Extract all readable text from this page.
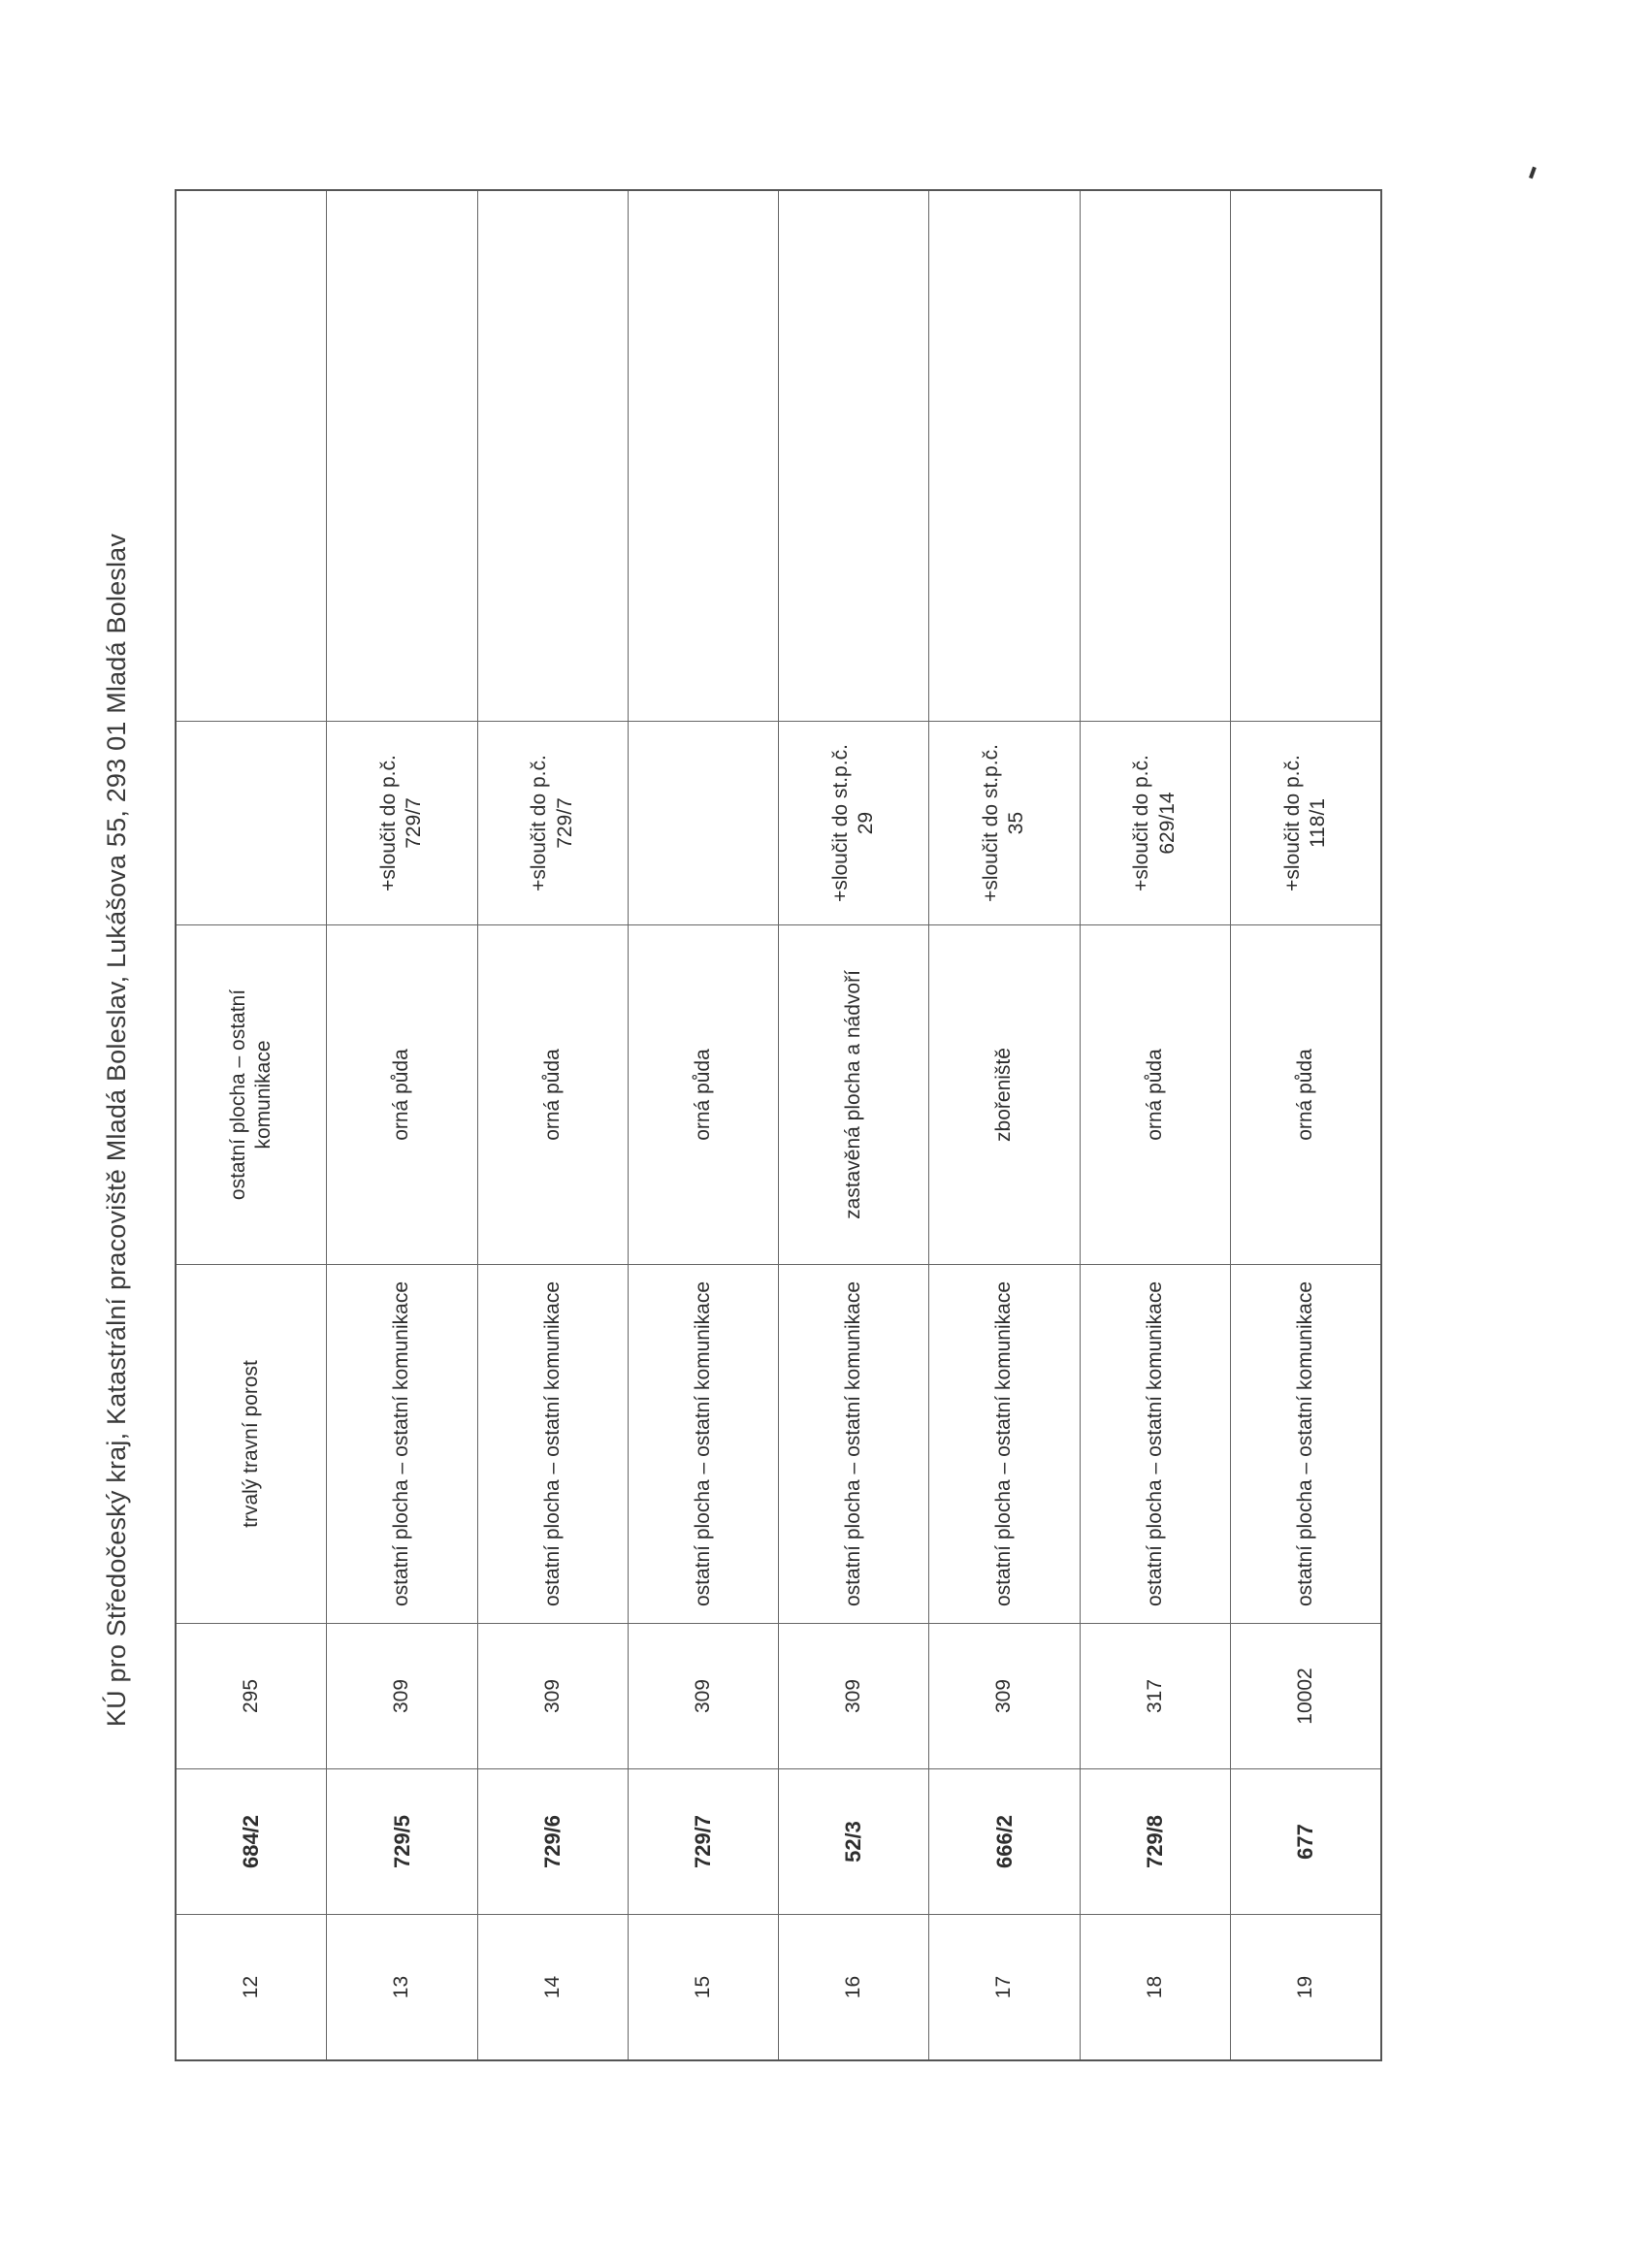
KÚ pro Středočeský kraj, Katastrální pracoviště Mladá Boleslav, Lukášova 55, 293 01 Mladá Boleslav
12
684/2
295
trvalý travní porost
ostatní plocha – ostatní komunikace
13
729/5
309
ostatní plocha – ostatní komunikace
orná půda
+sloučit do p.č. 729/7
14
729/6
309
ostatní plocha – ostatní komunikace
orná půda
+sloučit do p.č. 729/7
15
729/7
309
ostatní plocha – ostatní komunikace
orná půda
16
52/3
309
ostatní plocha – ostatní komunikace
zastavěná plocha a nádvoří
+sloučit do st.p.č. 29
17
666/2
309
ostatní plocha – ostatní komunikace
zbořeniště
+sloučit do st.p.č. 35
18
729/8
317
ostatní plocha – ostatní komunikace
orná půda
+sloučit do p.č. 629/14
19
677
10002
ostatní plocha – ostatní komunikace
orná půda
+sloučit do p.č. 118/1
